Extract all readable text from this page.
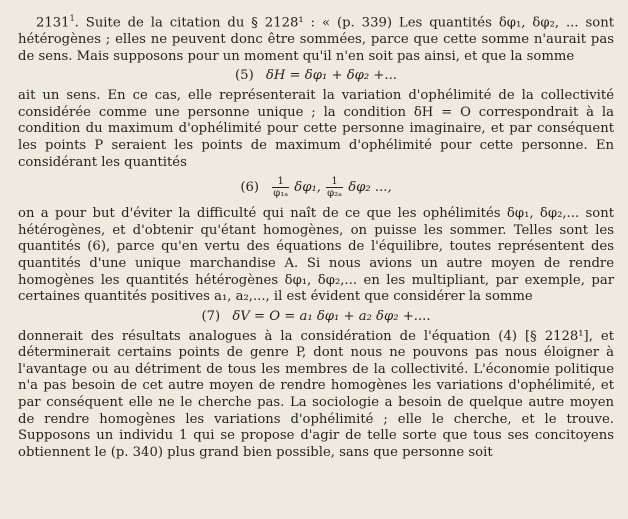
2131$^1$. Suite de la citation du § 2128¹ : « (p. 339) Les quantités δφ₁, δφ₂, ... sont hétérogènes ; elles ne peuvent donc être sommées, parce que cette somme n'aurait pas de sens. Mais supposons pour un moment qu'il n'en soit pas ainsi, et que la somme

(5) δH = δφ₁ + δφ₂ +...

ait un sens. En ce cas, elle représenterait la variation d'ophélimité de la collectivité considérée comme une personne unique ; la condition δH = O correspondrait à la condition du maximum d'ophélimité pour cette personne imaginaire, et par conséquent les points P seraient les points de maximum d'ophélimité pour cette personne. En considérant les quantités

$(6) \frac{1}{\text{φ₁ₐ}} \delta\varphi_1$, $\frac{1}{\text{φ₂ₐ}} \delta\varphi_2$ ...,

on a pour but d'éviter la difficulté qui naît de ce que les ophélimités δφ₁, δφ₂,... sont hétérogènes, et d'obtenir qu'étant homogènes, on puisse les sommer. Telles sont les quantités (6), parce qu'en vertu des équations de l'équilibre, toutes représentent des quantités d'une unique marchandise A. Si nous avions un autre moyen de rendre homogènes les quantités hétérogènes δφ₁, δφ₂,... en les multipliant, par exemple, par certaines quantités positives a₁, a₂,..., il est évident que considérer la somme

(7) δV = O = a₁ δφ₁ + a₂ δφ₂ +....

donnerait des résultats analogues à la considération de l'équation (4) [§ 2128¹], et déterminerait certains points de genre P, dont nous ne pouvons pas nous éloigner à l'avantage ou au détriment de tous les membres de la collectivité. L'économie politique n'a pas besoin de cet autre moyen de rendre homogènes les variations d'ophélimité, et par conséquent elle ne le cherche pas. La sociologie a besoin de quelque autre moyen de rendre homogènes les variations d'ophélimité ; elle le cherche, et le trouve. Supposons un individu 1 qui se propose d'agir de telle sorte que tous ses concitoyens obtiennent le (p. 340) plus grand bien possible, sans que personne soit
